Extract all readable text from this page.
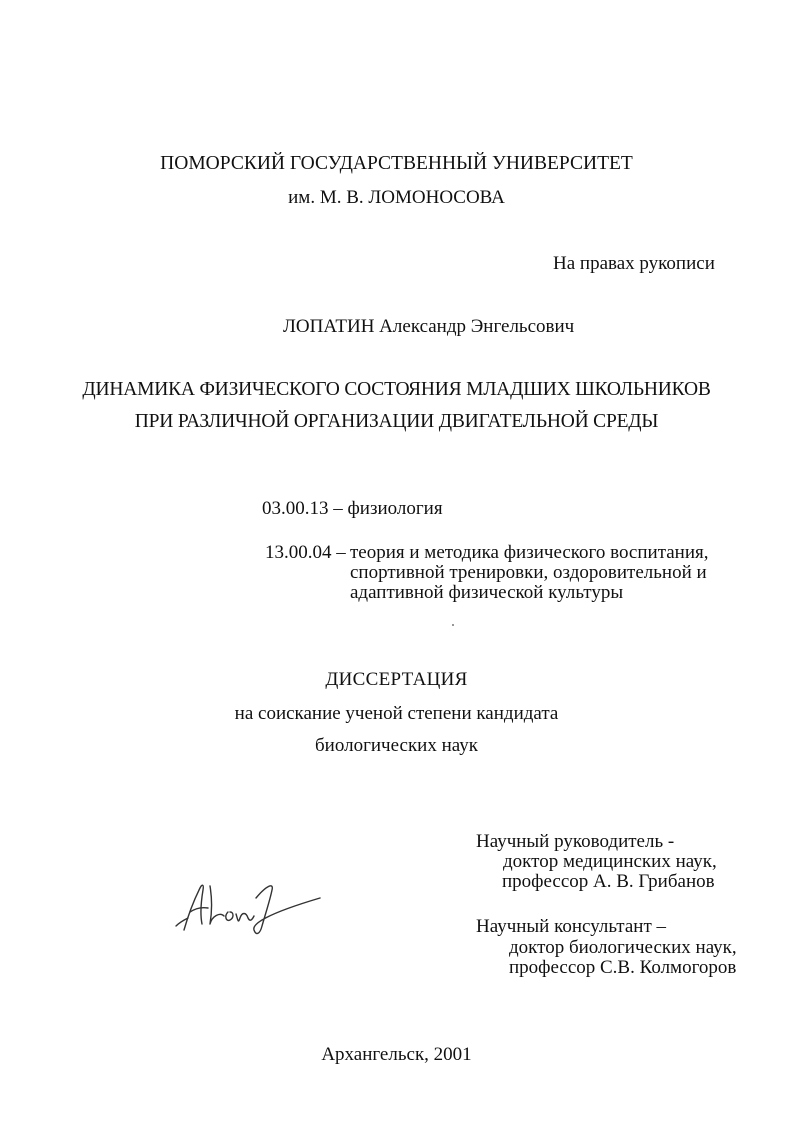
ПОМОРСКИЙ ГОСУДАРСТВЕННЫЙ УНИВЕРСИТЕТ
им. М. В. ЛОМОНОСОВА
На правах рукописи
ЛОПАТИН Александр Энгельсович
ДИНАМИКА ФИЗИЧЕСКОГО СОСТОЯНИЯ МЛАДШИХ ШКОЛЬНИКОВ
ПРИ РАЗЛИЧНОЙ ОРГАНИЗАЦИИ ДВИГАТЕЛЬНОЙ СРЕДЫ
03.00.13 – физиология
13.00.04 – теория и методика физического воспитания,
спортивной тренировки, оздоровительной и
адаптивной физической культуры
ДИССЕРТАЦИЯ
на соискание ученой степени кандидата
биологических наук
Научный руководитель -
доктор медицинских наук,
профессор А. В. Грибанов
Научный консультант –
доктор биологических наук,
профессор С.В. Колмогоров
Архангельск, 2001
